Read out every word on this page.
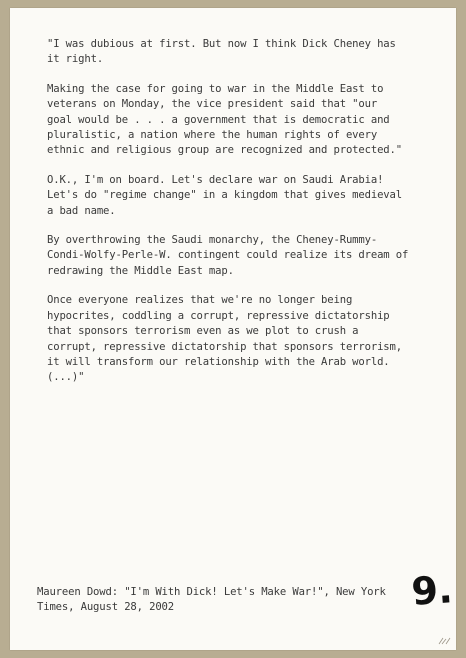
"I was dubious at first. But now I think Dick Cheney has
it right.

Making the case for going to war in the Middle East to
veterans on Monday, the vice president said that "our
goal would be . . . a government that is democratic and
pluralistic, a nation where the human rights of every
ethnic and religious group are recognized and protected."

O.K., I'm on board. Let's declare war on Saudi Arabia!
Let's do "regime change" in a kingdom that gives medieval
a bad name.

By overthrowing the Saudi monarchy, the Cheney-Rummy-
Condi-Wolfy-Perle-W. contingent could realize its dream of
redrawing the Middle East map.

Once everyone realizes that we're no longer being
hypocrites, coddling a corrupt, repressive dictatorship
that sponsors terrorism even as we plot to crush a
corrupt, repressive dictatorship that sponsors terrorism,
it will transform our relationship with the Arab world.
(...)"

Maureen Dowd: "I'm With Dick! Let's Make War!", New York
Times, August 28, 2002	9.
